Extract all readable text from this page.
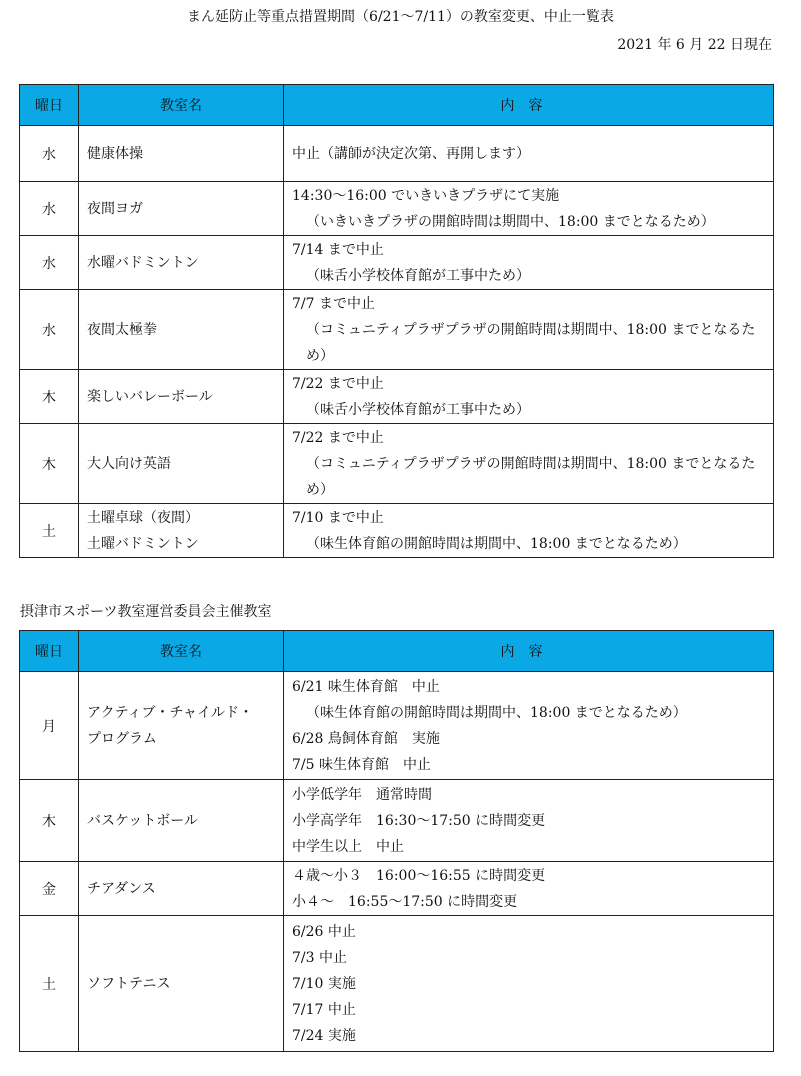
まん延防止等重点措置期間（6/21～7/11）の教室変更、中止一覧表
2021 年 6 月 22 日現在
曜日	教室名	内容
水	健康体操	中止（講師が決定次第、再開します）

水	夜間ヨガ	14:30～16:00 でいきいきプラザにて実施
（いきいきプラザの開館時間は期間中、18:00 までとなるため）

水	水曜バドミントン	7/14 まで中止
（味舌小学校体育館が工事中ため）

水	夜間太極拳	7/7 まで中止
（コミュニティプラザプラザの開館時間は期間中、18:00 までとなるため）

木	楽しいバレーボール	7/22 まで中止
（味舌小学校体育館が工事中ため）

木	大人向け英語	7/22 まで中止
（コミュニティプラザプラザの開館時間は期間中、18:00 までとなるため）

土	土曜卓球（夜間）
土曜バドミントン	7/10 まで中止
（味生体育館の開館時間は期間中、18:00 までとなるため）
摂津市スポーツ教室運営委員会主催教室
曜日	教室名	内容
月	アクティブ・チャイルド・
プログラム	6/21 味生体育館　中止
（味生体育館の開館時間は期間中、18:00 までとなるため）
6/28 鳥飼体育館　実施
7/5 味生体育館　中止

木	バスケットボール	小学低学年　通常時間
小学高学年　16:30～17:50 に時間変更
中学生以上　中止

金	チアダンス	４歳～小３　16:00～16:55 に時間変更
小４～　16:55～17:50 に時間変更

土	ソフトテニス	6/26 中止
7/3 中止
7/10 実施
7/17 中止
7/24 実施
